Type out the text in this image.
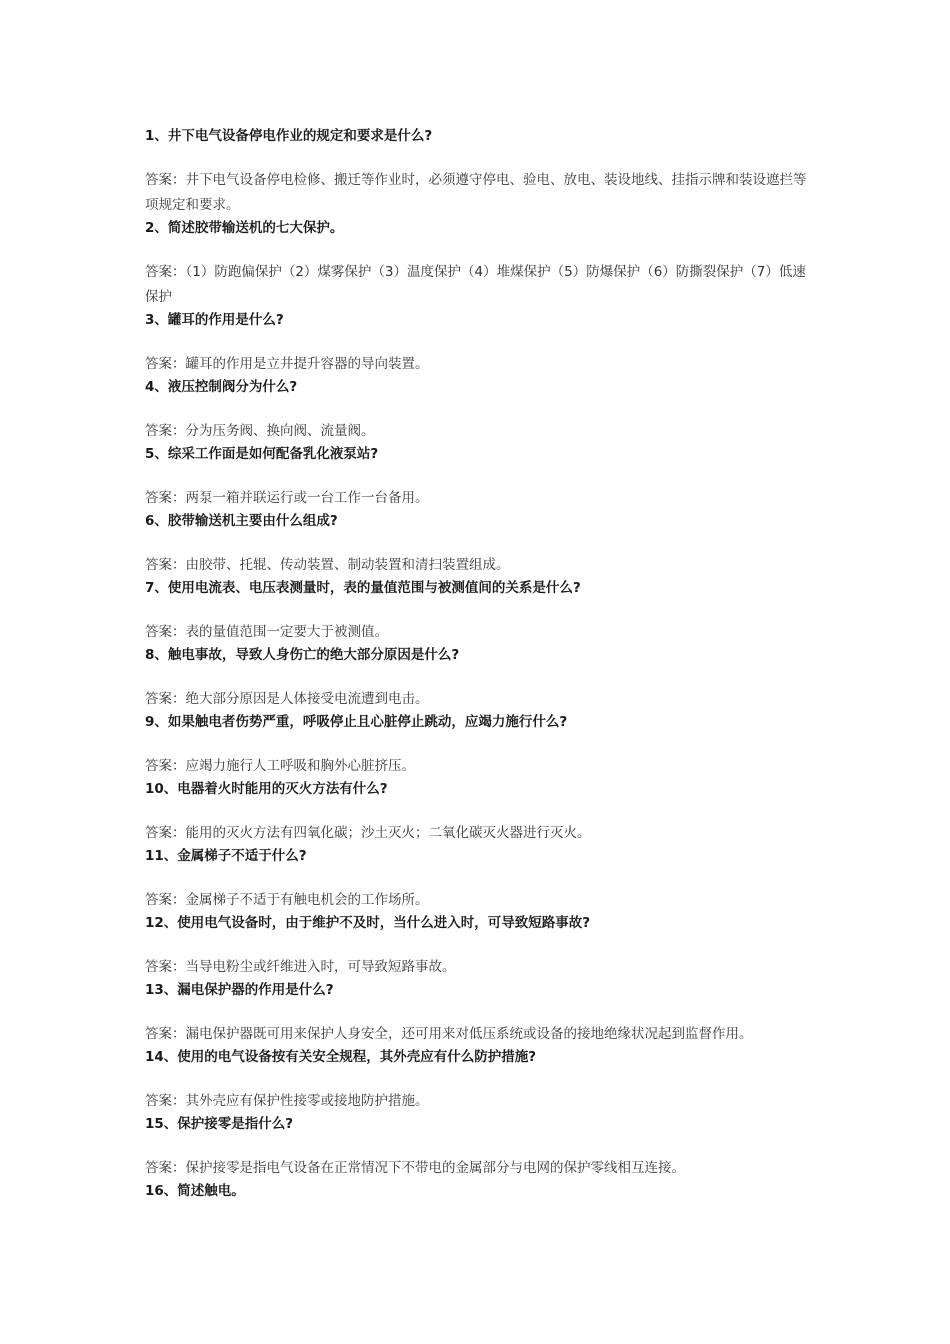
1、井下电气设备停电作业的规定和要求是什么?
答案：井下电气设备停电检修、搬迁等作业时，必须遵守停电、验电、放电、装设地线、挂指示牌和装设遮拦等项规定和要求。
2、简述胶带输送机的七大保护。
答案：（1）防跑偏保护（2）煤雾保护（3）温度保护（4）堆煤保护（5）防爆保护（6）防撕裂保护（7）低速保护
3、罐耳的作用是什么?
答案：罐耳的作用是立井提升容器的导向装置。
4、液压控制阀分为什么?
答案：分为压务阀、换向阀、流量阀。
5、综采工作面是如何配备乳化液泵站?
答案：两泵一箱并联运行或一台工作一台备用。
6、胶带输送机主要由什么组成?
答案：由胶带、托辊、传动装置、制动装置和清扫装置组成。
7、使用电流表、电压表测量时，表的量值范围与被测值间的关系是什么?
答案：表的量值范围一定要大于被测值。
8、触电事故，导致人身伤亡的绝大部分原因是什么?
答案：绝大部分原因是人体接受电流遭到电击。
9、如果触电者伤势严重，呼吸停止且心脏停止跳动，应竭力施行什么?
答案：应竭力施行人工呼吸和胸外心脏挤压。
10、电器着火时能用的灭火方法有什么?
答案：能用的灭火方法有四氧化碳；沙土灭火；二氧化碳灭火器进行灭火。
11、金属梯子不适于什么?
答案：金属梯子不适于有触电机会的工作场所。
12、使用电气设备时，由于维护不及时，当什么进入时，可导致短路事故?
答案：当导电粉尘或纤维进入时，可导致短路事故。
13、漏电保护器的作用是什么?
答案：漏电保护器既可用来保护人身安全，还可用来对低压系统或设备的接地绝缘状况起到监督作用。
14、使用的电气设备按有关安全规程，其外壳应有什么防护措施?
答案：其外壳应有保护性接零或接地防护措施。
15、保护接零是指什么?
答案：保护接零是指电气设备在正常情况下不带电的金属部分与电网的保护零线相互连接。
16、简述触电。
